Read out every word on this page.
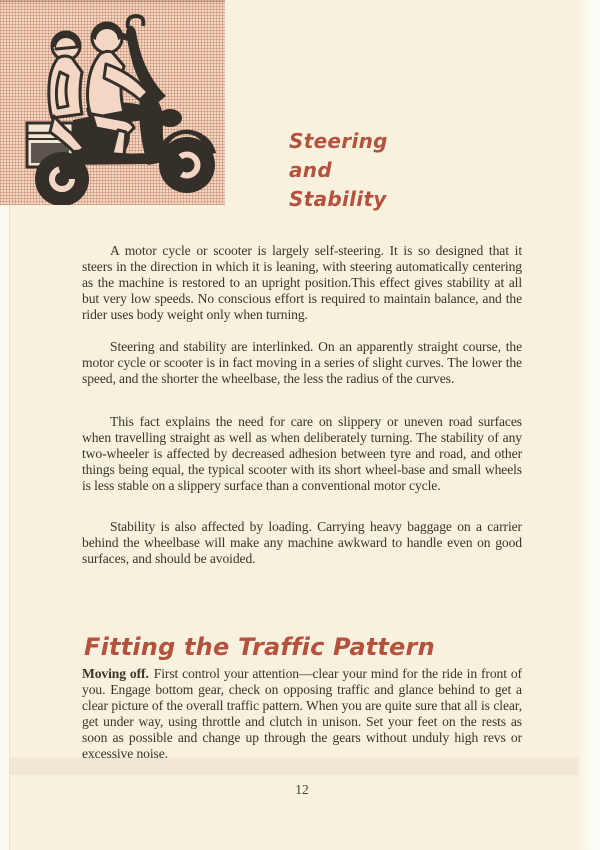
Steering
and
Stability

A motor cycle or scooter is largely self-steering. It is so designed that it steers in the direction in which it is leaning, with steering automatically centering as the machine is restored to an upright position.This effect gives stability at all but very low speeds. No conscious effort is required to maintain balance, and the rider uses body weight only when turning.

Steering and stability are interlinked. On an apparently straight course, the motor cycle or scooter is in fact moving in a series of slight curves. The lower the speed, and the shorter the wheelbase, the less the radius of the curves.

This fact explains the need for care on slippery or uneven road surfaces when travelling straight as well as when deliberately turning. The stability of any two-wheeler is affected by decreased adhesion between tyre and road, and other things being equal, the typical scooter with its short wheel-base and small wheels is less stable on a slippery surface than a conventional motor cycle.

Stability is also affected by loading. Carrying heavy baggage on a carrier behind the wheelbase will make any machine awkward to handle even on good surfaces, and should be avoided.

Fitting the Traffic Pattern

Moving off. First control your attention—clear your mind for the ride in front of you. Engage bottom gear, check on opposing traffic and glance behind to get a clear picture of the overall traffic pattern. When you are quite sure that all is clear, get under way, using throttle and clutch in unison. Set your feet on the rests as soon as possible and change up through the gears without unduly high revs or excessive noise.

12
